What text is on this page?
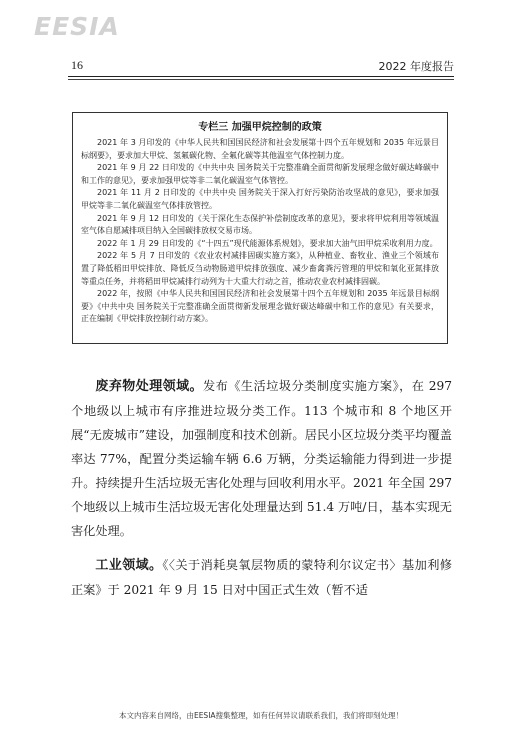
EESIA
16	2022 年度报告
专栏三 加强甲烷控制的政策

2021 年 3 月印发的《中华人民共和国国民经济和社会发展第十四个五年规划和 2035 年远景目标纲要》，要求加大甲烷、氢氟碳化物、全氟化碳等其他温室气体控制力度。

2021 年 9 月 22 日印发的《中共中央 国务院关于完整准确全面贯彻新发展理念做好碳达峰碳中和工作的意见》，要求加强甲烷等非二氧化碳温室气体管控。

2021 年 11 月 2 日印发的《中共中央 国务院关于深入打好污染防治攻坚战的意见》，要求加强甲烷等非二氧化碳温室气体排放管控。

2021 年 9 月 12 日印发的《关于深化生态保护补偿制度改革的意见》，要求将甲烷利用等领域温室气体自愿减排项目纳入全国碳排放权交易市场。

2022 年 1 月 29 日印发的《“十四五”现代能源体系规划》，要求加大油气田甲烷采收利用力度。

2022 年 5 月 7 日印发的《农业农村减排固碳实施方案》，从种植业、畜牧业、渔业三个领域布置了降低稻田甲烷排放、降低反刍动物肠道甲烷排放强度、减少畜禽粪污管理的甲烷和氧化亚氮排放等重点任务，并将稻田甲烷减排行动列为十大重大行动之首，推动农业农村减排固碳。

2022 年，按照《中华人民共和国国民经济和社会发展第十四个五年规划和 2035 年远景目标纲要》《中共中央 国务院关于完整准确全面贯彻新发展理念做好碳达峰碳中和工作的意见》有关要求，正在编制《甲烷排放控制行动方案》。

废弃物处理领域。发布《生活垃圾分类制度实施方案》，在 297 个地级以上城市有序推进垃圾分类工作。113 个城市和 8 个地区开展“无废城市”建设，加强制度和技术创新。居民小区垃圾分类平均覆盖率达 77%，配置分类运输车辆 6.6 万辆，分类运输能力得到进一步提升。持续提升生活垃圾无害化处理与回收利用水平。2021 年全国 297 个地级以上城市生活垃圾无害化处理量达到 51.4 万吨/日，基本实现无害化处理。

工业领域。《〈关于消耗臭氧层物质的蒙特利尔议定书〉基加利修正案》于 2021 年 9 月 15 日对中国正式生效（暂不适

本文内容来自网络，由EESIA搜集整理，如有任何异议请联系我们，我们将即刻处理！
